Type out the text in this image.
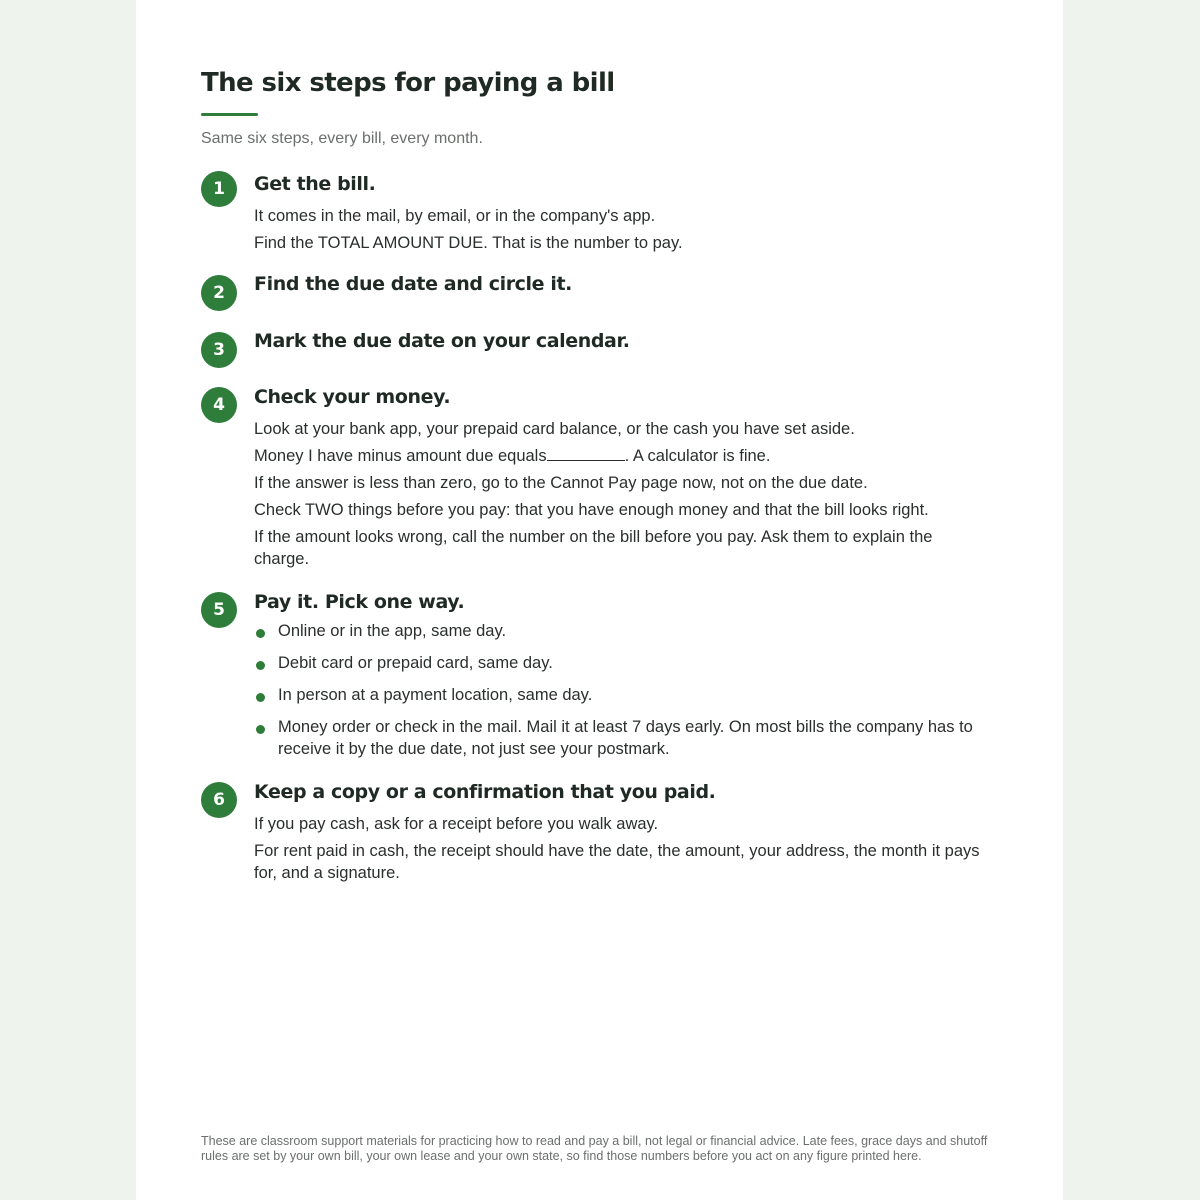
The six steps for paying a bill
Same six steps, every bill, every month.
1	Get the bill.
It comes in the mail, by email, or in the company's app.
Find the TOTAL AMOUNT DUE. That is the number to pay.
2	Find the due date and circle it.
3	Mark the due date on your calendar.
4	Check your money.
Look at your bank app, your prepaid card balance, or the cash you have set aside.
Money I have minus amount due equals	. A calculator is fine.
If the answer is less than zero, go to the Cannot Pay page now, not on the due date.
Check TWO things before you pay: that you have enough money and that the bill looks right.
If the amount looks wrong, call the number on the bill before you pay. Ask them to explain the charge.
5	Pay it. Pick one way.
Online or in the app, same day.
Debit card or prepaid card, same day.
In person at a payment location, same day.
Money order or check in the mail. Mail it at least 7 days early. On most bills the company has to receive it by the due date, not just see your postmark.
6	Keep a copy or a confirmation that you paid.
If you pay cash, ask for a receipt before you walk away.
For rent paid in cash, the receipt should have the date, the amount, your address, the month it pays for, and a signature.
These are classroom support materials for practicing how to read and pay a bill, not legal or financial advice. Late fees, grace days and shutoff rules are set by your own bill, your own lease and your own state, so find those numbers before you act on any figure printed here.
